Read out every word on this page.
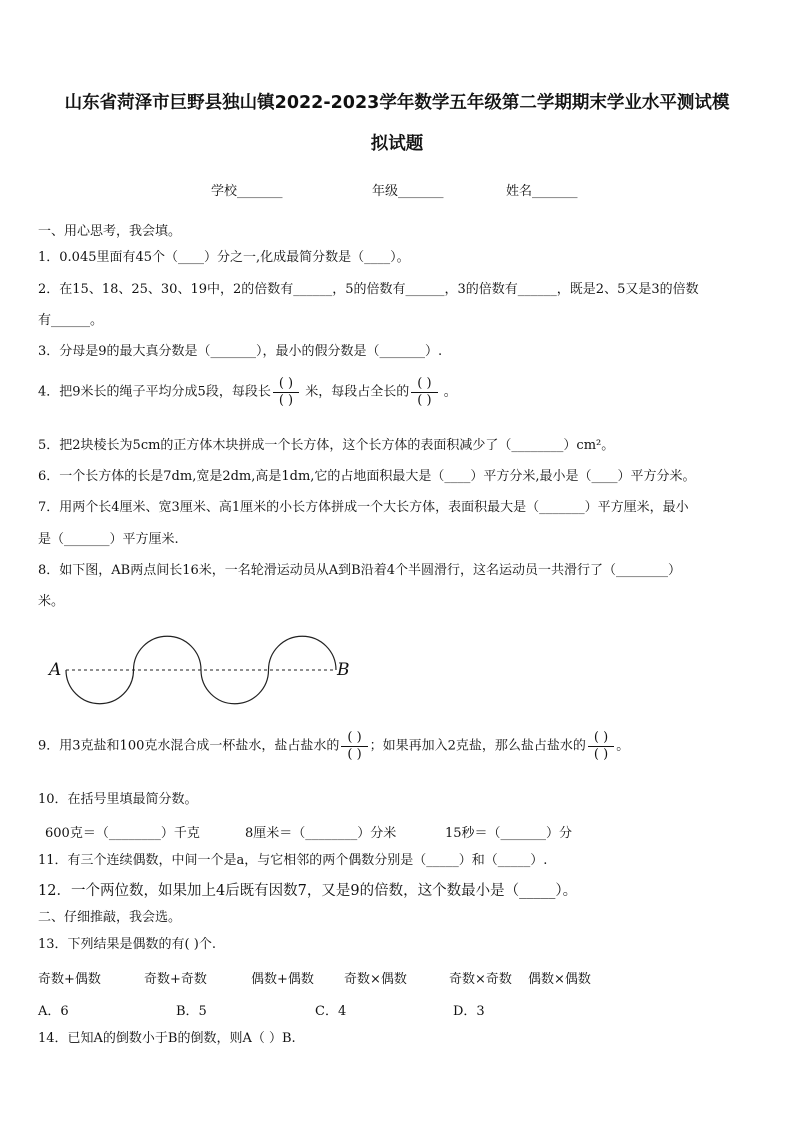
山东省菏泽市巨野县独山镇2022-2023学年数学五年级第二学期期末学业水平测试模
拟试题
学校_______	年级_______	姓名_______
一、用心思考，我会填。
1．0.045里面有45个（____）分之一,化成最简分数是（____）。
2．在15、18、25、30、19中，2的倍数有______，5的倍数有______，3的倍数有______，既是2、5又是3的倍数
有______。
3．分母是9的最大真分数是（_______），最小的假分数是（_______）.
4．把9米长的绳子平均分成5段，每段长
( )
( )
米，每段占全长的
( )
( )
。
5．把2块棱长为5cm的正方体木块拼成一个长方体，这个长方体的表面积减少了（________）cm²。
6．一个长方体的长是7dm,宽是2dm,高是1dm,它的占地面积最大是（____）平方分米,最小是（____）平方分米。
7．用两个长4厘米、宽3厘米、高1厘米的小长方体拼成一个大长方体，表面积最大是（_______）平方厘米，最小
是（_______）平方厘米.
8．如下图，AB两点间长16米，一名轮滑运动员从A到B沿着4个半圆滑行，这名运动员一共滑行了（________）
米。
A	B
9．用3克盐和100克水混合成一杯盐水，盐占盐水的
( )
( )
；如果再加入2克盐，那么盐占盐水的
( )
( )
。
10．在括号里填最简分数。
600克＝（________）千克	8厘米＝（________）分米	15秒＝（_______）分
11．有三个连续偶数，中间一个是a，与它相邻的两个偶数分别是（_____）和（_____）.
12．一个两位数，如果加上4后既有因数7，又是9的倍数，这个数最小是（_____）。
二、仔细推敲，我会选。
13．下列结果是偶数的有( )个.
奇数+偶数	奇数+奇数	偶数+偶数 奇数×偶数	奇数×奇数 偶数×偶数
A．6	B．5	C．4	D．3
14．已知A的倒数小于B的倒数，则A（ ）B.
